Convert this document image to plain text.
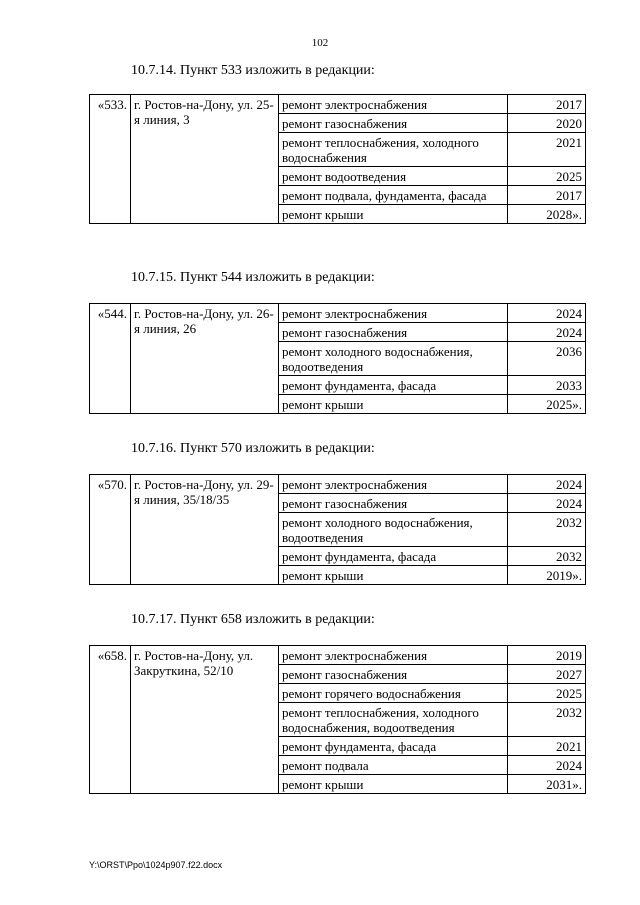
102
10.7.14. Пункт 533 изложить в редакции:
«533.	г. Ростов-на-Дону, ул. 25-я линия, 3	ремонт электроснабжения	2017
		ремонт газоснабжения	2020
		ремонт теплоснабжения, холодного водоснабжения	2021
		ремонт водоотведения	2025
		ремонт подвала, фундамента, фасада	2017
		ремонт крыши	2028».
10.7.15. Пункт 544 изложить в редакции:
«544.	г. Ростов-на-Дону, ул. 26-я линия, 26	ремонт электроснабжения	2024
		ремонт газоснабжения	2024
		ремонт холодного водоснабжения, водоотведения	2036
		ремонт фундамента, фасада	2033
		ремонт крыши	2025».
10.7.16. Пункт 570 изложить в редакции:
«570.	г. Ростов-на-Дону, ул. 29-я линия, 35/18/35	ремонт электроснабжения	2024
		ремонт газоснабжения	2024
		ремонт холодного водоснабжения, водоотведения	2032
		ремонт фундамента, фасада	2032
		ремонт крыши	2019».
10.7.17. Пункт 658 изложить в редакции:
«658.	г. Ростов-на-Дону, ул. Закруткина, 52/10	ремонт электроснабжения	2019
		ремонт газоснабжения	2027
		ремонт горячего водоснабжения	2025
		ремонт теплоснабжения, холодного водоснабжения, водоотведения	2032
		ремонт фундамента, фасада	2021
		ремонт подвала	2024
		ремонт крыши	2031».
Y:\ORST\Ppo\1024p907.f22.docx
